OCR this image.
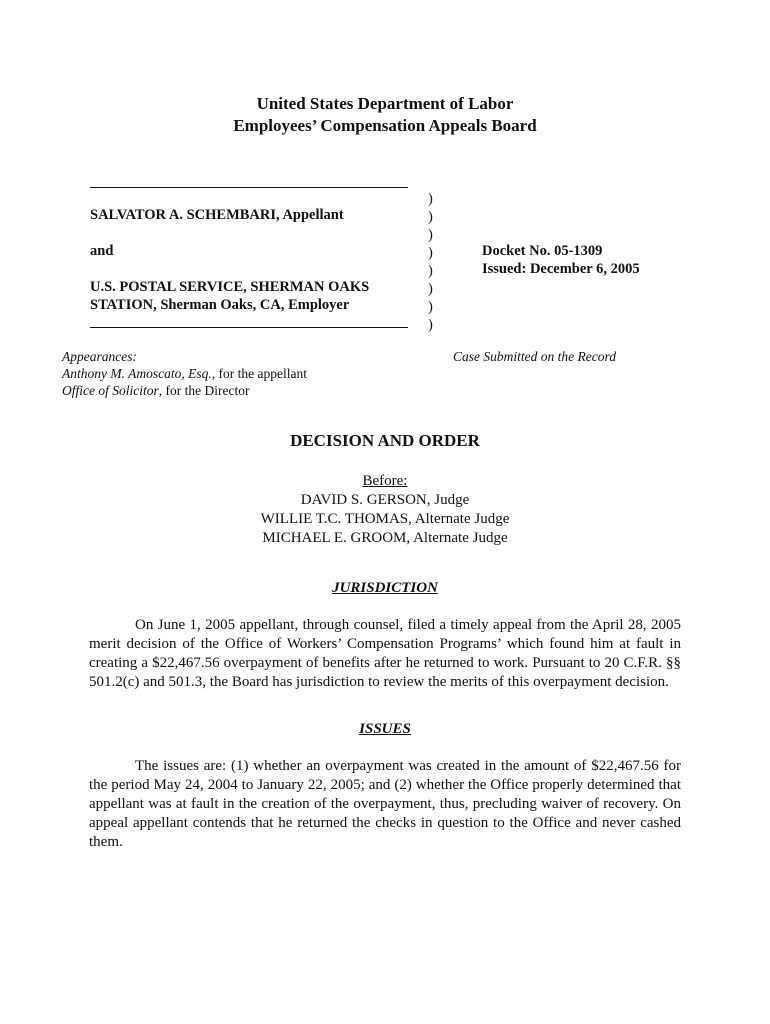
United States Department of Labor
Employees’ Compensation Appeals Board
SALVATOR A. SCHEMBARI, Appellant
and
U.S. POSTAL SERVICE, SHERMAN OAKS
STATION, Sherman Oaks, CA, Employer
)
)
)
)
)
)
)
)
Docket No. 05-1309
Issued: December 6, 2005
Appearances:
Anthony M. Amoscato, Esq., for the appellant
Office of Solicitor, for the Director
Case Submitted on the Record
DECISION AND ORDER
Before:
DAVID S. GERSON, Judge
WILLIE T.C. THOMAS, Alternate Judge
MICHAEL E. GROOM, Alternate Judge
JURISDICTION
On June 1, 2005 appellant, through counsel, filed a timely appeal from the April 28, 2005 merit decision of the Office of Workers’ Compensation Programs’ which found him at fault in creating a $22,467.56 overpayment of benefits after he returned to work. Pursuant to 20 C.F.R. §§ 501.2(c) and 501.3, the Board has jurisdiction to review the merits of this overpayment decision.
ISSUES
The issues are: (1) whether an overpayment was created in the amount of $22,467.56 for the period May 24, 2004 to January 22, 2005; and (2) whether the Office properly determined that appellant was at fault in the creation of the overpayment, thus, precluding waiver of recovery. On appeal appellant contends that he returned the checks in question to the Office and never cashed them.
